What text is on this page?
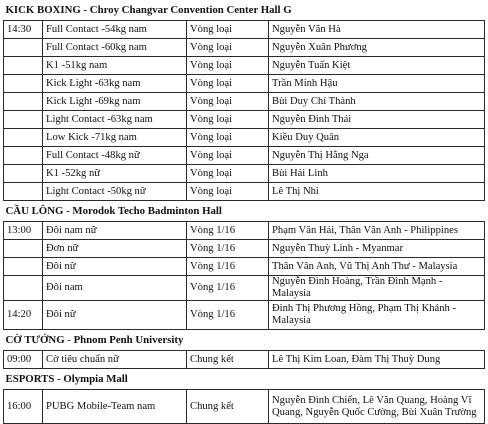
KICK BOXING - Chroy Changvar Convention Center Hall G			
14:30	Full Contact -54kg nam	Vòng loại	Nguyễn Văn Hà
	Full Contact -60kg nam	Vòng loại	Nguyễn Xuân Phương
	K1 -51kg nam	Vòng loại	Nguyễn Tuấn Kiệt
	Kick Light -63kg nam	Vòng loại	Trần Minh Hậu
	Kick Light -69kg nam	Vòng loại	Bùi Duy Chí Thành
	Light Contact -63kg nam	Vòng loại	Nguyễn Đình Thái
	Low Kick -71kg nam	Vòng loại	Kiều Duy Quân
	Full Contact -48kg nữ	Vòng loại	Nguyễn Thị Hằng Nga
	K1 -52kg nữ	Vòng loại	Bùi Hải Linh
	Light Contact -50kg nữ	Vòng loại	Lê Thị Nhi
CẦU LÔNG - Morodok Techo Badminton Hall			
13:00	Đôi nam nữ	Vòng 1/16	Phạm Văn Hải, Thân Vân Anh - Philippines
	Đơn nữ	Vòng 1/16	Nguyễn Thuỳ Linh - Myanmar
	Đôi nữ	Vòng 1/16	Thân Vân Anh, Vũ Thị Anh Thư - Malaysia
	Đôi nam	Vòng 1/16	Nguyễn Đình Hoàng, Trần Đình Mạnh - Malaysia
14:20	Đôi nữ	Vòng 1/16	Đinh Thị Phương Hồng, Phạm Thị Khánh - Malaysia
CỜ TƯỚNG - Phnom Penh University			
09:00	Cờ tiêu chuẩn nữ	Chung kết	Lê Thị Kim Loan, Đàm Thị Thuỳ Dung
ESPORTS - Olympia Mall			
16:00	PUBG Mobile-Team nam	Chung kết	Nguyễn Đình Chiến, Lê Văn Quang, Hoàng Vĩ Quang, Nguyễn Quốc Cường, Bùi Xuân Trường
